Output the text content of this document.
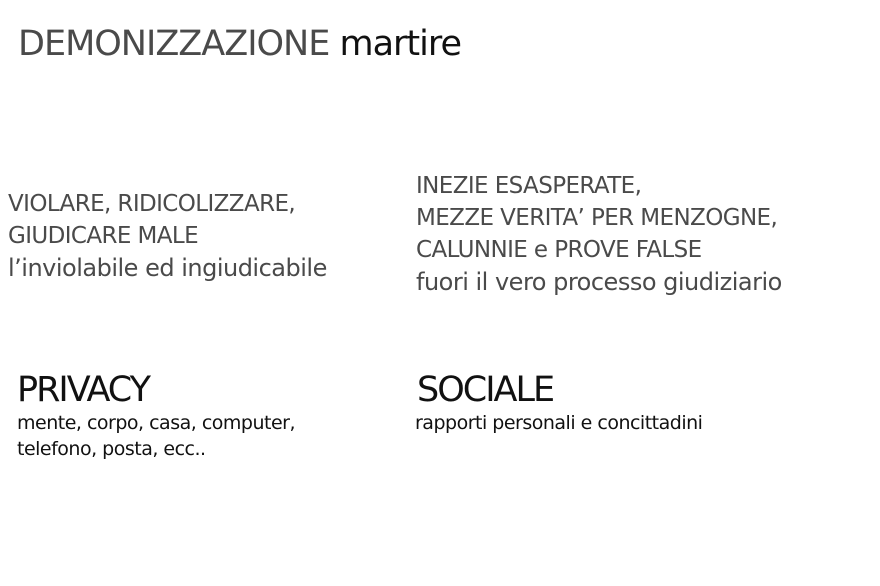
DEMONIZZAZIONE martire
VIOLARE, RIDICOLIZZARE,
GIUDICARE MALE
l’inviolabile ed ingiudicabile
INEZIE ESASPERATE,
MEZZE VERITA’ PER MENZOGNE,
CALUNNIE e PROVE FALSE
fuori il vero processo giudiziario
PRIVACY
mente, corpo, casa, computer,
telefono, posta, ecc..
SOCIALE
rapporti personali e concittadini
